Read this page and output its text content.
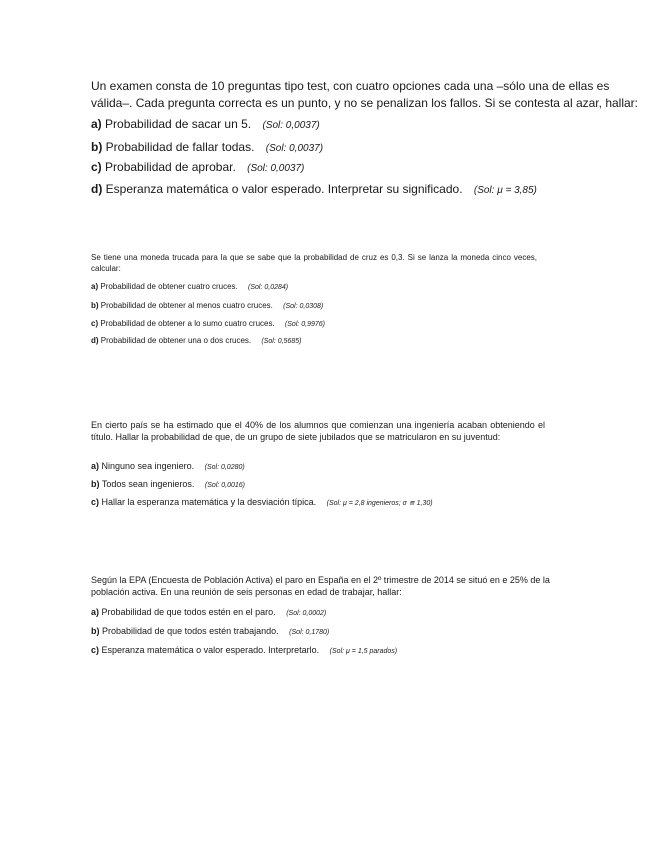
Un examen consta de 10 preguntas tipo test, con cuatro opciones cada una –sólo una de ellas es válida–. Cada pregunta correcta es un punto, y no se penalizan los fallos. Si se contesta al azar, hallar:

a) Probabilidad de sacar un 5. (Sol: 0,0037)

b) Probabilidad de fallar todas. (Sol: 0,0037)

c) Probabilidad de aprobar. (Sol: 0,0037)

d) Esperanza matemática o valor esperado. Interpretar su significado. (Sol: μ = 3,85)

Se tiene una moneda trucada para la que se sabe que la probabilidad de cruz es 0,3. Si se lanza la moneda cinco veces, calcular:

a) Probabilidad de obtener cuatro cruces. (Sol: 0,0284)

b) Probabilidad de obtener al menos cuatro cruces. (Sol: 0,0308)

c) Probabilidad de obtener a lo sumo cuatro cruces. (Sol: 0,9976)

d) Probabilidad de obtener una o dos cruces. (Sol: 0,5685)

En cierto país se ha estimado que el 40% de los alumnos que comienzan una ingeniería acaban obteniendo el título. Hallar la probabilidad de que, de un grupo de siete jubilados que se matricularon en su juventud:

a) Ninguno sea ingeniero. (Sol: 0,0280)

b) Todos sean ingenieros. (Sol: 0,0016)

c) Hallar la esperanza matemática y la desviación típica. (Sol: μ = 2,8 ingenieros; σ ≅ 1,30)

Según la EPA (Encuesta de Población Activa) el paro en España en el 2º trimestre de 2014 se situó en e 25% de la población activa. En una reunión de seis personas en edad de trabajar, hallar:

a) Probabilidad de que todos estén en el paro. (Sol: 0,0002)

b) Probabilidad de que todos estén trabajando. (Sol: 0,1780)

c) Esperanza matemática o valor esperado. Interpretarlo. (Sol: μ = 1,5 parados)
